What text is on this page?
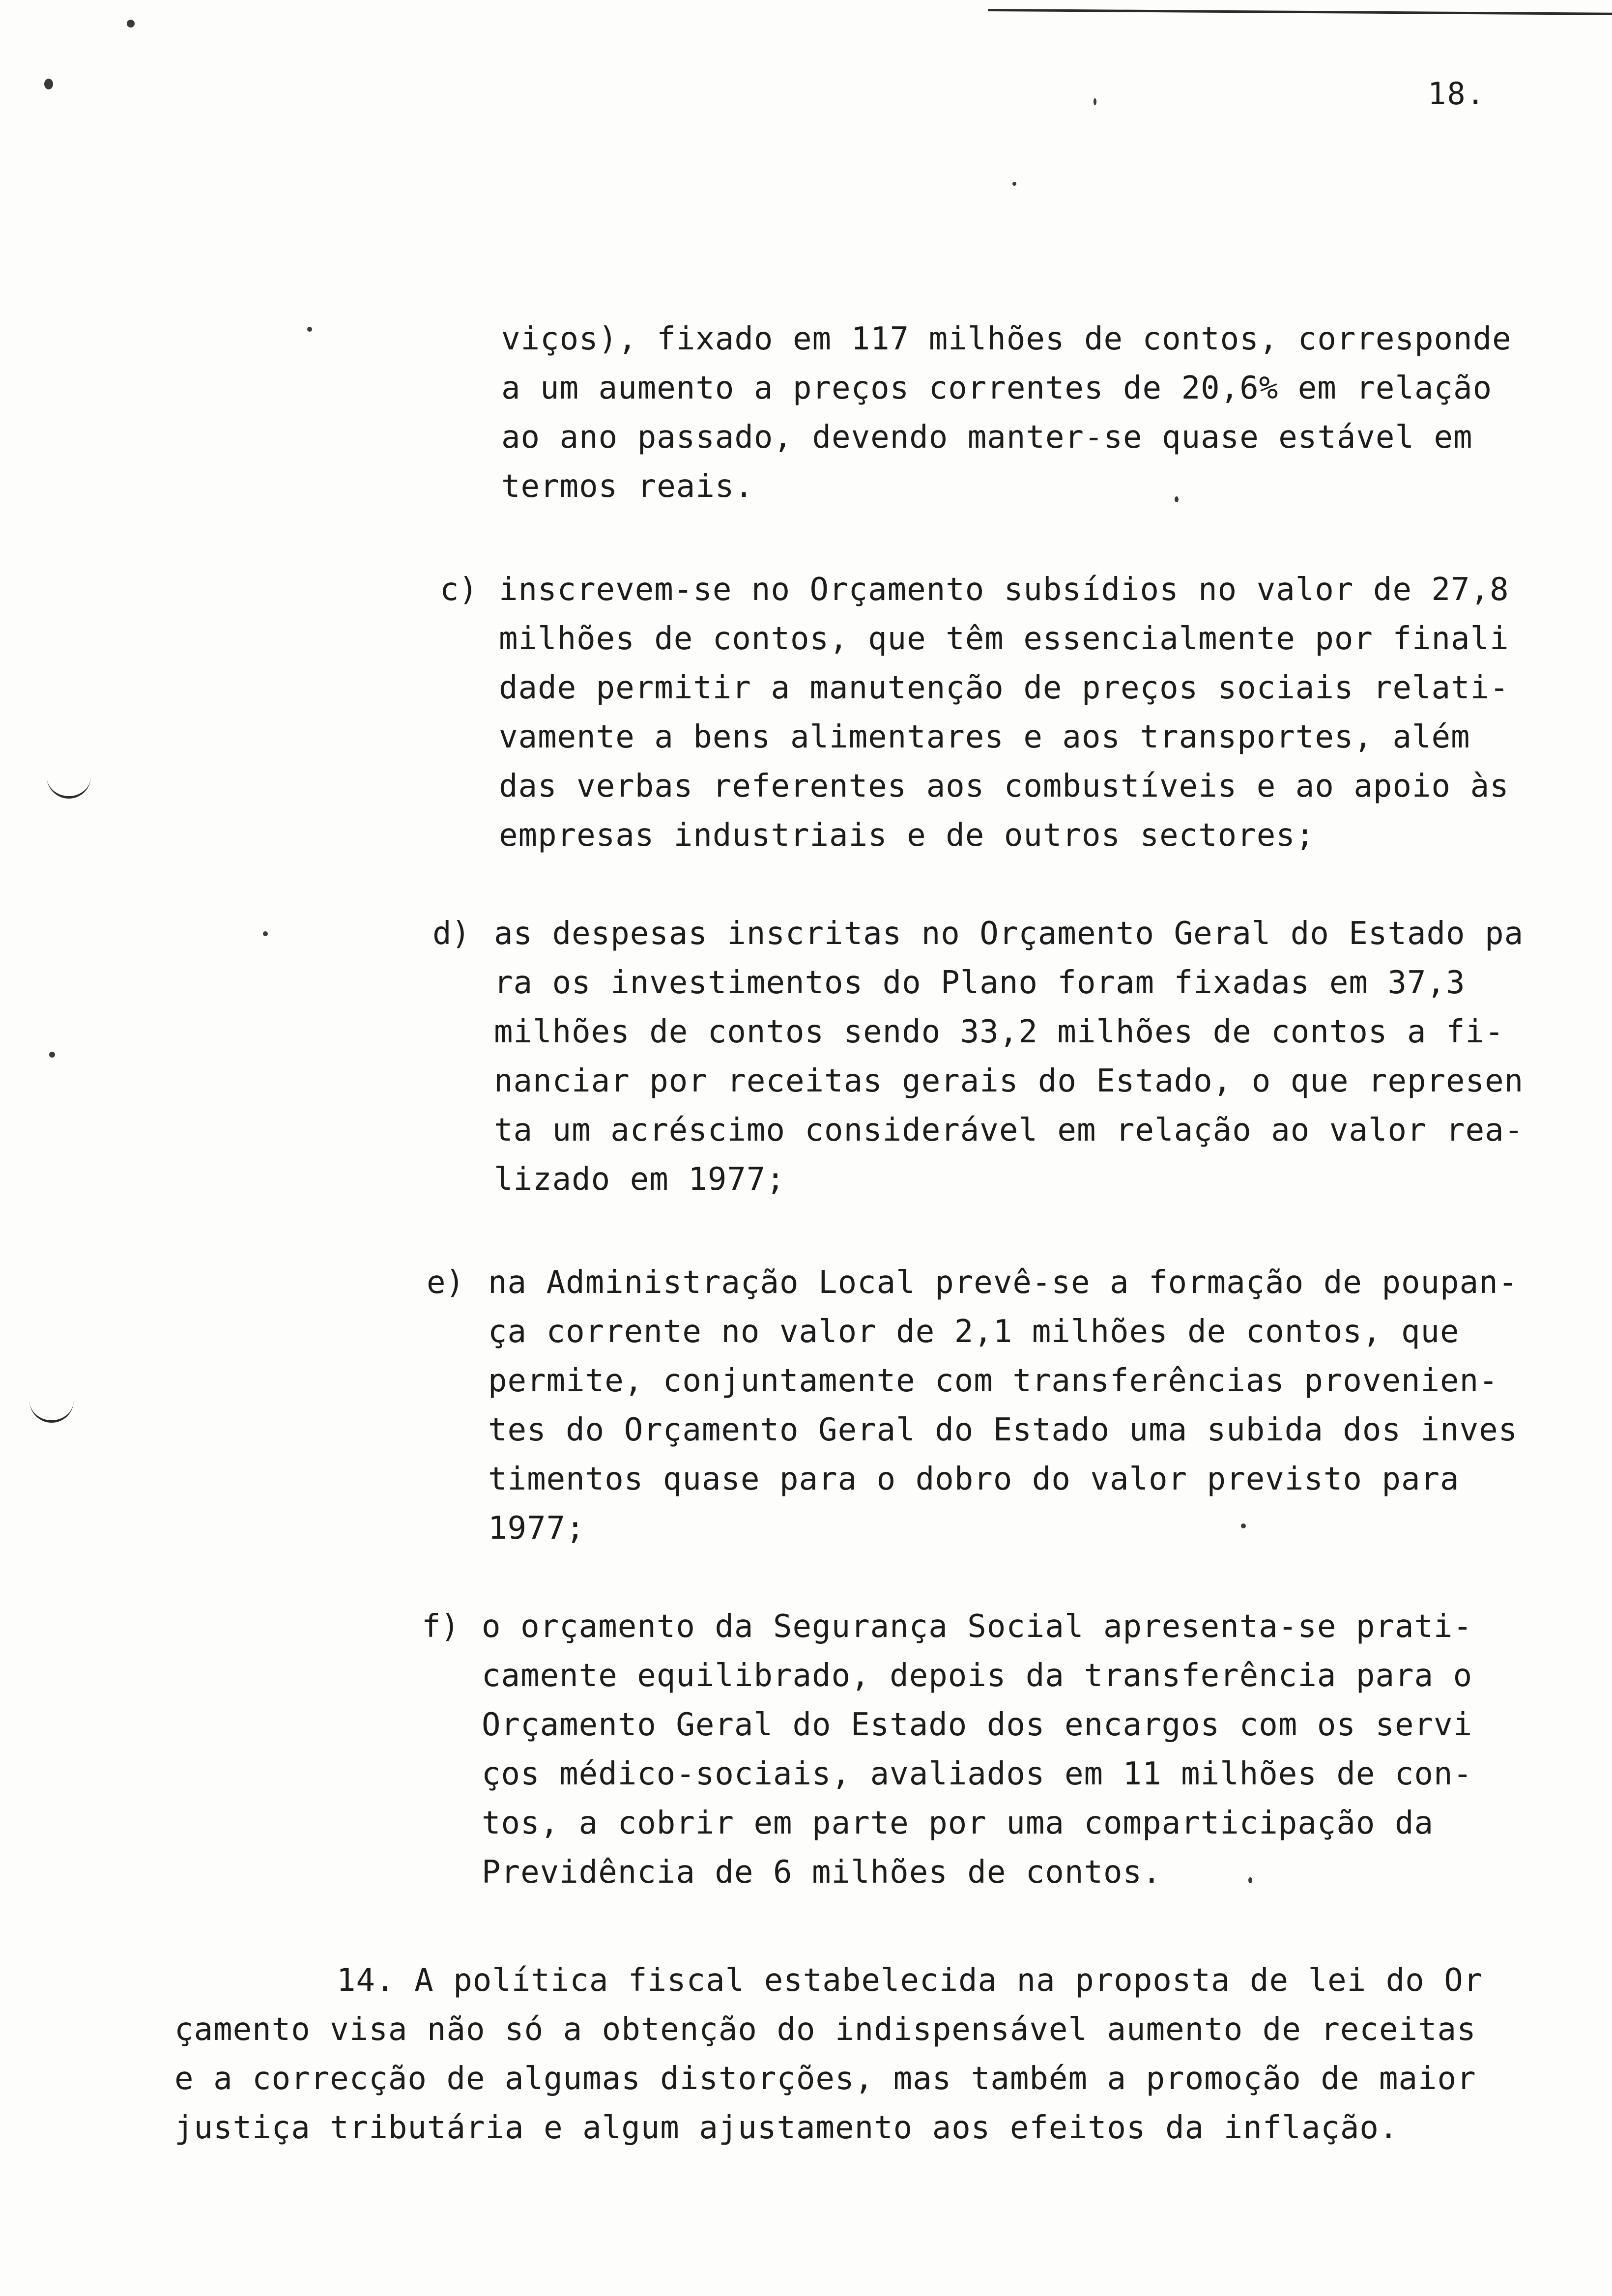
18.
viços), fixado em 117 milhões de contos, corresponde
a um aumento a preços correntes de 20,6% em relação
ao ano passado, devendo manter-se quase estável em
termos reais.
c) inscrevem-se no Orçamento subsídios no valor de 27,8
milhões de contos, que têm essencialmente por finali
dade permitir a manutenção de preços sociais relati-
vamente a bens alimentares e aos transportes, além
das verbas referentes aos combustíveis e ao apoio às
empresas industriais e de outros sectores;
d) as despesas inscritas no Orçamento Geral do Estado pa
ra os investimentos do Plano foram fixadas em 37,3
milhões de contos sendo 33,2 milhões de contos a fi-
nanciar por receitas gerais do Estado, o que represen
ta um acréscimo considerável em relação ao valor rea-
lizado em 1977;
e) na Administração Local prevê-se a formação de poupan-
ça corrente no valor de 2,1 milhões de contos, que
permite, conjuntamente com transferências provenien-
tes do Orçamento Geral do Estado uma subida dos inves
timentos quase para o dobro do valor previsto para
1977;
f) o orçamento da Segurança Social apresenta-se prati-
camente equilibrado, depois da transferência para o
Orçamento Geral do Estado dos encargos com os servi
ços médico-sociais, avaliados em 11 milhões de con-
tos, a cobrir em parte por uma comparticipação da
Previdência de 6 milhões de contos.
14. A política fiscal estabelecida na proposta de lei do Or
çamento visa não só a obtenção do indispensável aumento de receitas
e a correcção de algumas distorções, mas também a promoção de maior
justiça tributária e algum ajustamento aos efeitos da inflação.
